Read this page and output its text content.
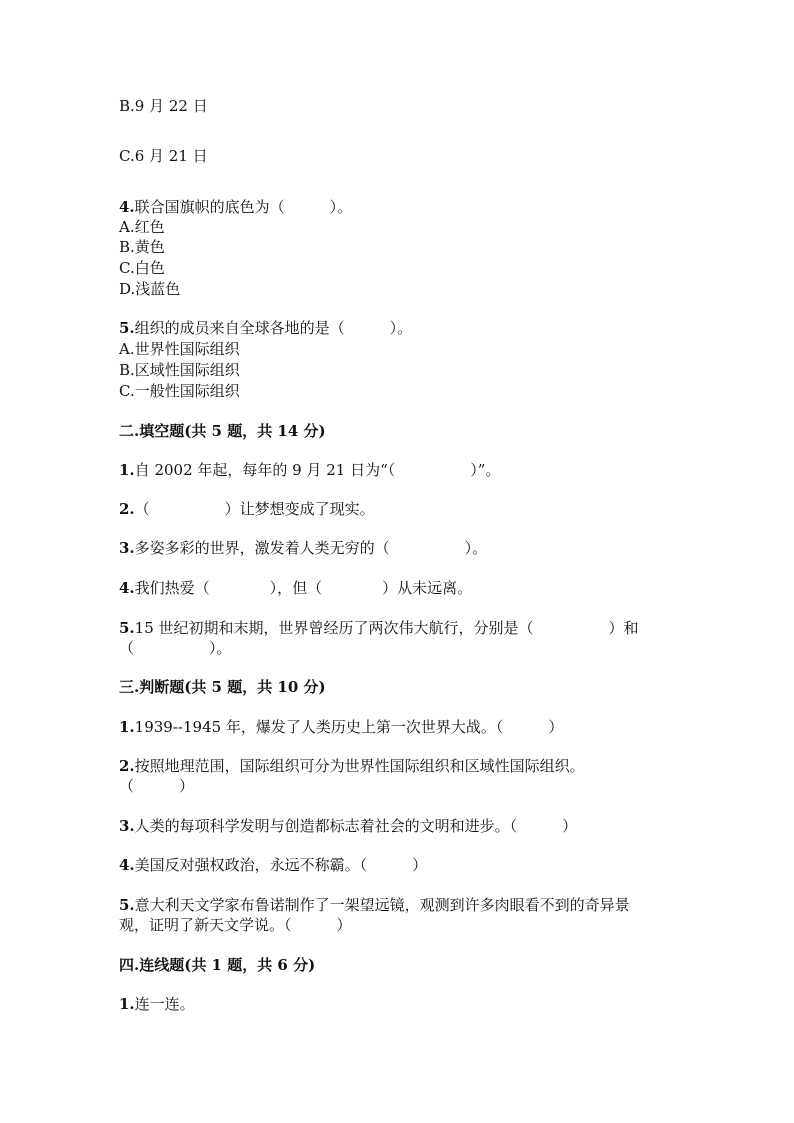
B.9 月 22 日
C.6 月 21 日
4.联合国旗帜的底色为（　　　）。
A.红色
B.黄色
C.白色
D.浅蓝色
5.组织的成员来自全球各地的是（　　　）。
A.世界性国际组织
B.区域性国际组织
C.一般性国际组织
二.填空题(共 5 题，共 14 分)
1.自 2002 年起，每年的 9 月 21 日为“（　　　　　）”。
2.（　　　　　）让梦想变成了现实。
3.多姿多彩的世界，激发着人类无穷的（　　　　　）。
4.我们热爱（　　　　），但（　　　　）从未远离。
5.15 世纪初期和末期，世界曾经历了两次伟大航行，分别是（　　　　　）和
（　　　　　）。
三.判断题(共 5 题，共 10 分)
1.1939--1945 年，爆发了人类历史上第一次世界大战。（　　　）
2.按照地理范围，国际组织可分为世界性国际组织和区域性国际组织。
（　　　）
3.人类的每项科学发明与创造都标志着社会的文明和进步。（　　　）
4.美国反对强权政治，永远不称霸。（　　　）
5.意大利天文学家布鲁诺制作了一架望远镜，观测到许多肉眼看不到的奇异景
观，证明了新天文学说。（　　　）
四.连线题(共 1 题，共 6 分)
1.连一连。
